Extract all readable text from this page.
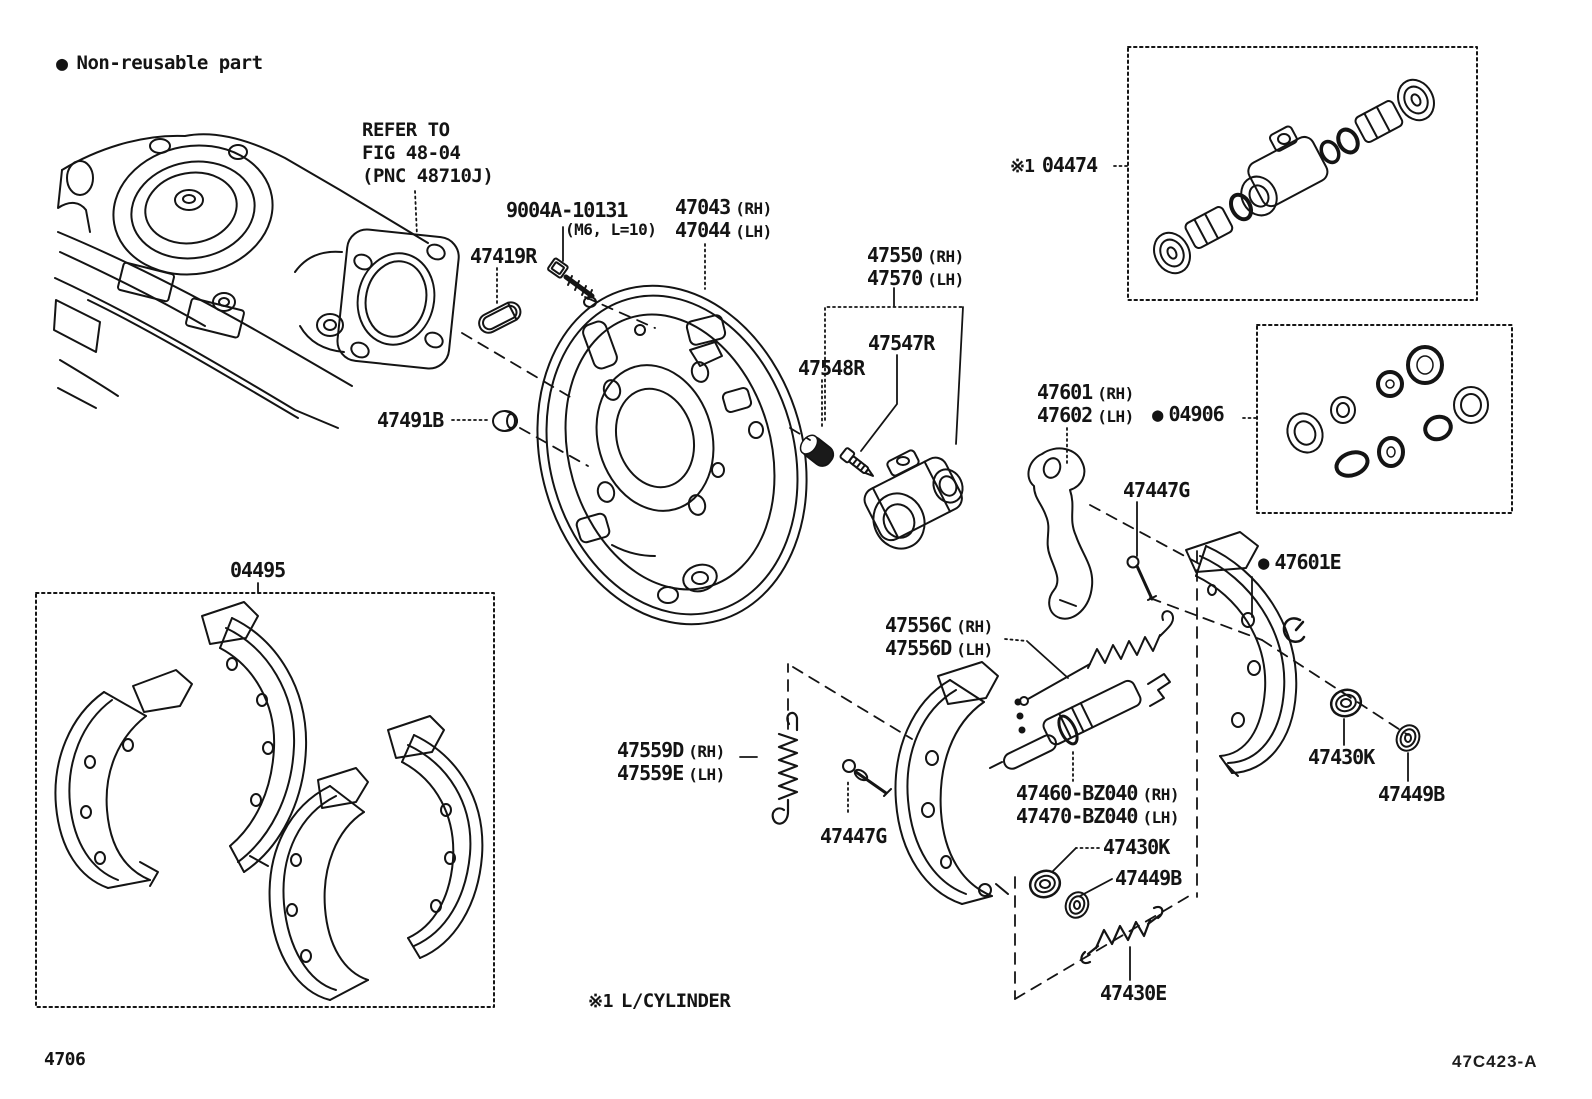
● Non-reusable part
REFER TO
FIG 48-04
(PNC 48710J)
9004A-10131
(M6, L=10)
47419R
47043 (RH)
47044 (LH)
47550 (RH)
47570 (LH)
47547R
47548R
47491B
47601 (RH)
47602 (LH) ● 04906
47447G
※1 04474
● 47601E
04495
47556C (RH)
47556D (LH)
47559D (RH)
47559E (LH)
47447G
47460-BZ040 (RH)
47470-BZ040 (LH)
47430K
47449B
47430K
47449B
47430E
※1 L/CYLINDER
4706	47C423-A
